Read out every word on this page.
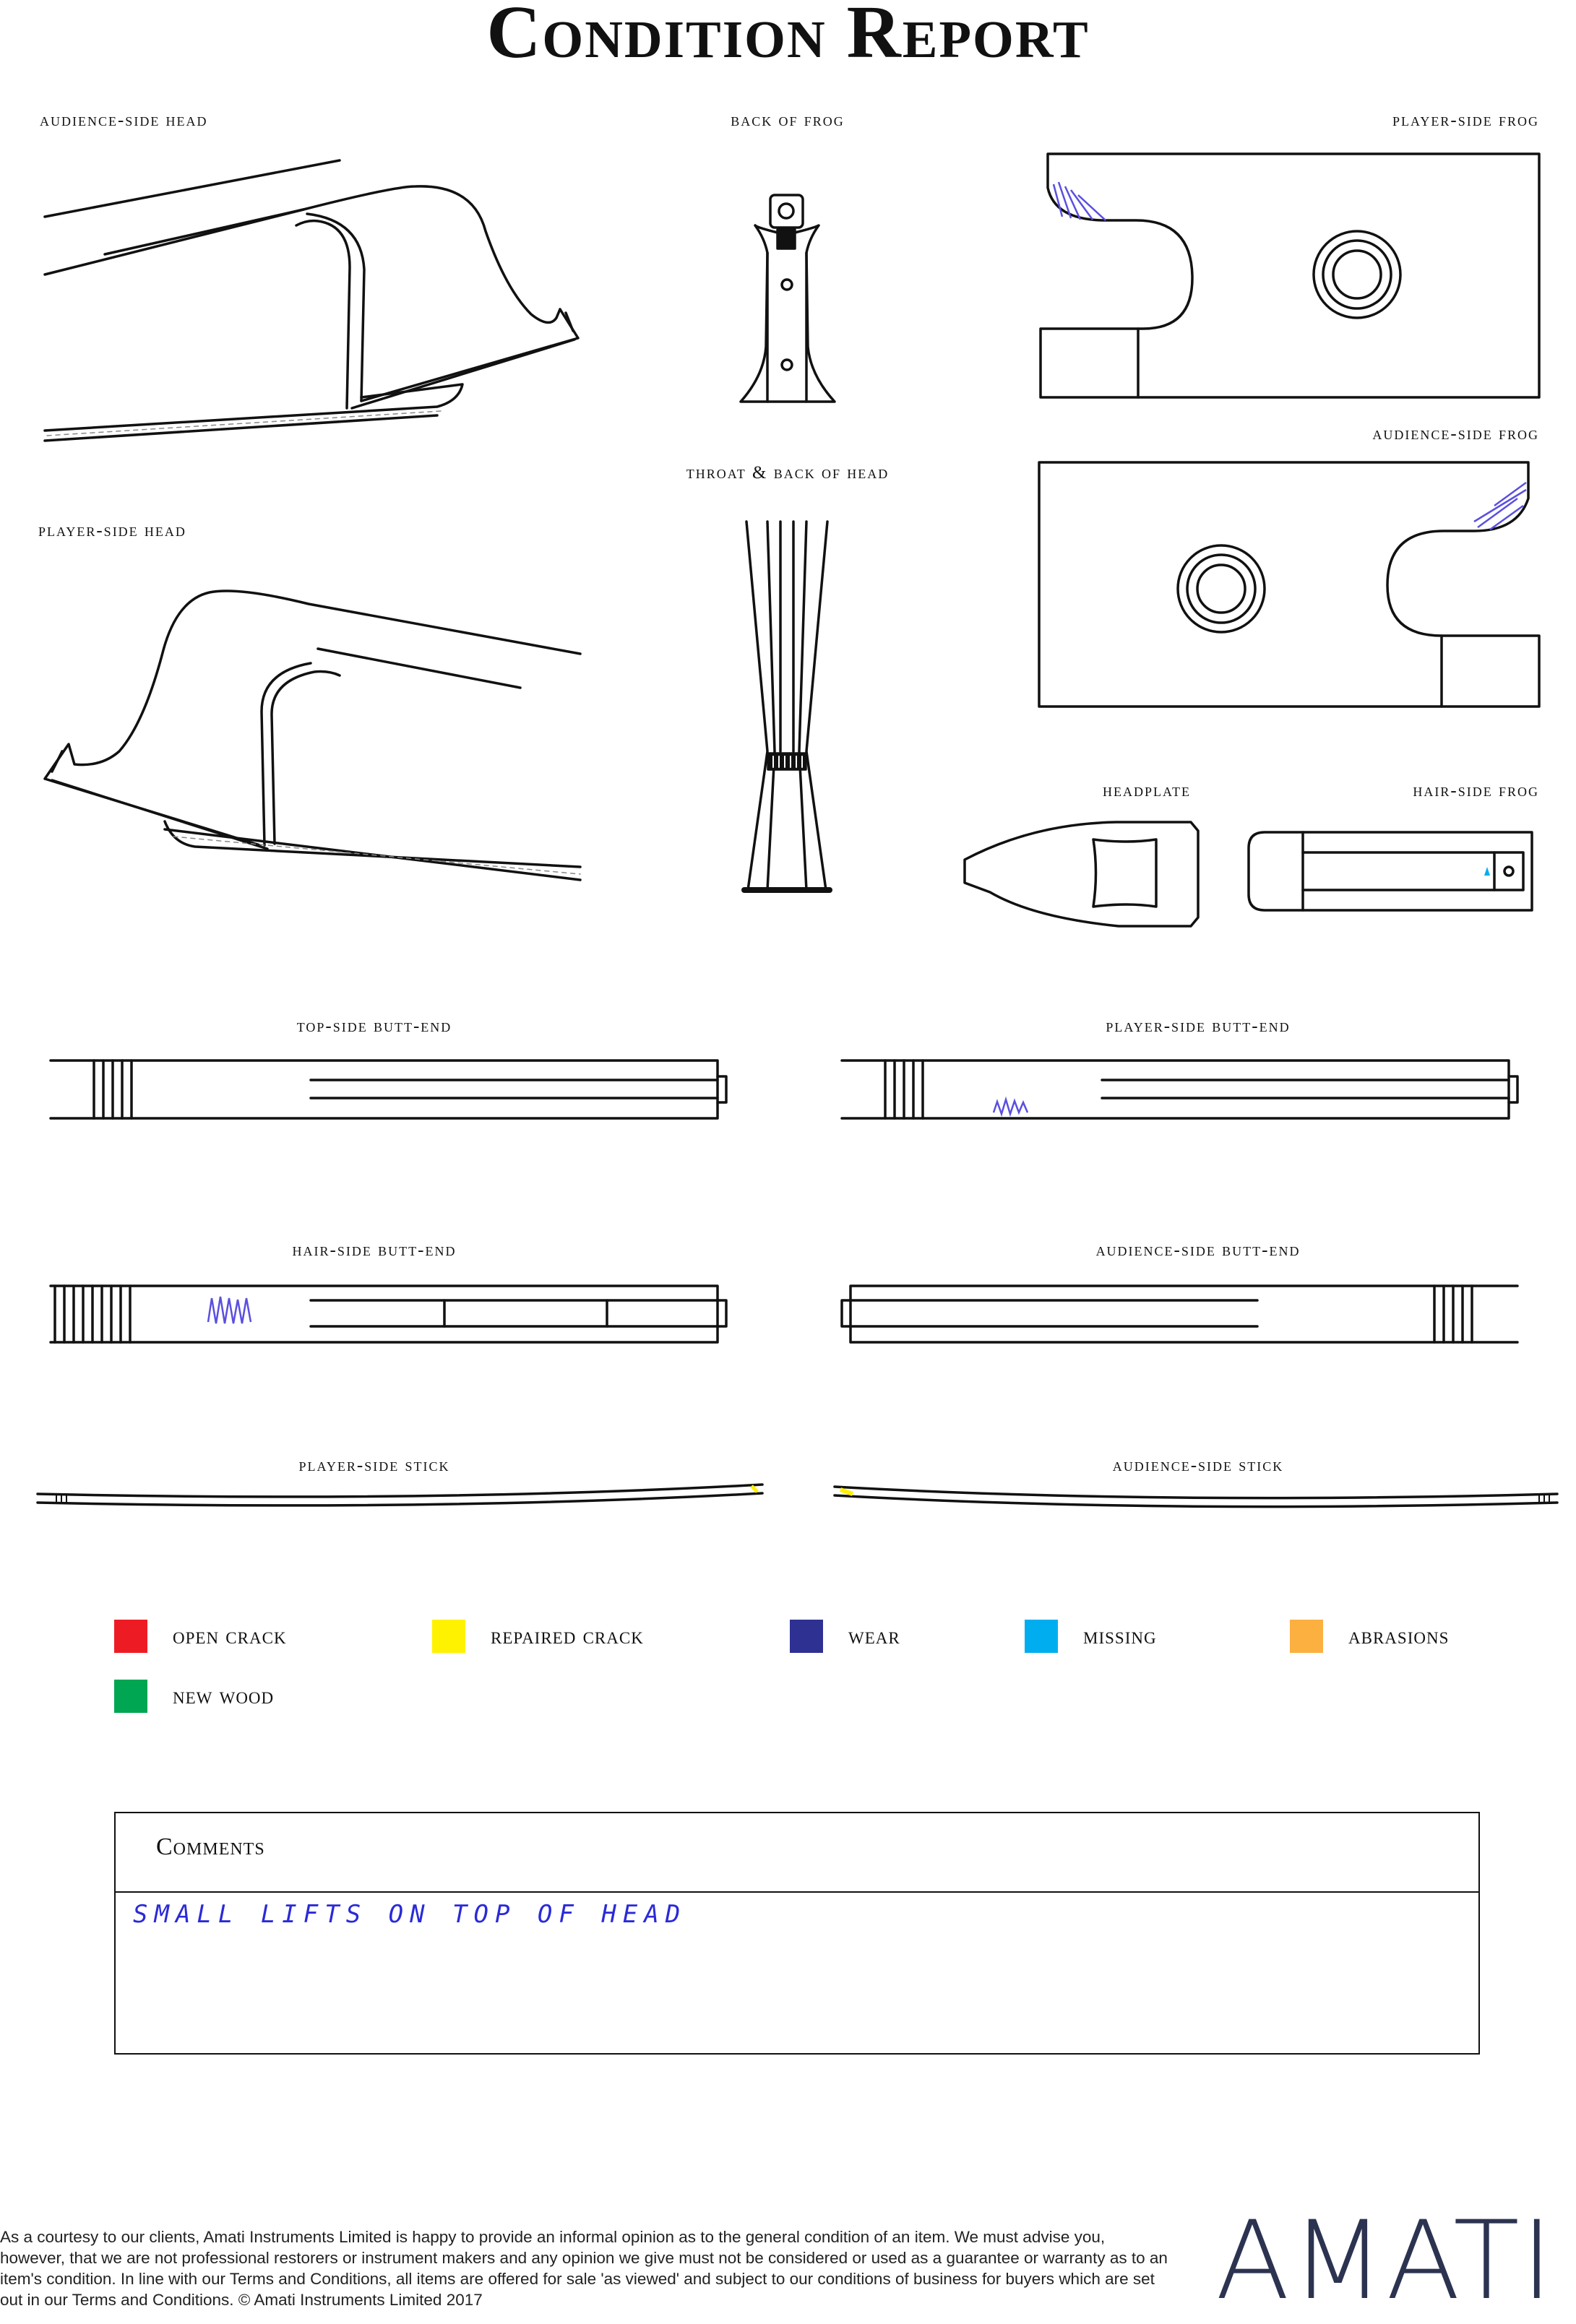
Condition Report
audience-side head	back of frog	player-side frog
audience-side frog
throat & back of head
player-side head
headplate	hair-side frog
top-side butt-end	player-side butt-end
hair-side butt-end	audience-side butt-end
player-side stick	audience-side stick
open crack	repaired crack	wear	missing	abrasions
new wood
Comments
SMALL LIFTS ON TOP OF HEAD

As a courtesy to our clients, Amati Instruments Limited is happy to provide an informal opinion as to the general condition of an item. We must advise you, however, that we are not professional restorers or instrument makers and any opinion we give must not be considered or used as a guarantee or warranty as to an item's condition. In line with our Terms and Conditions, all items are offered for sale 'as viewed' and subject to our conditions of business for buyers which are set out in our Terms and Conditions. © Amati Instruments Limited 2017	AMATI
